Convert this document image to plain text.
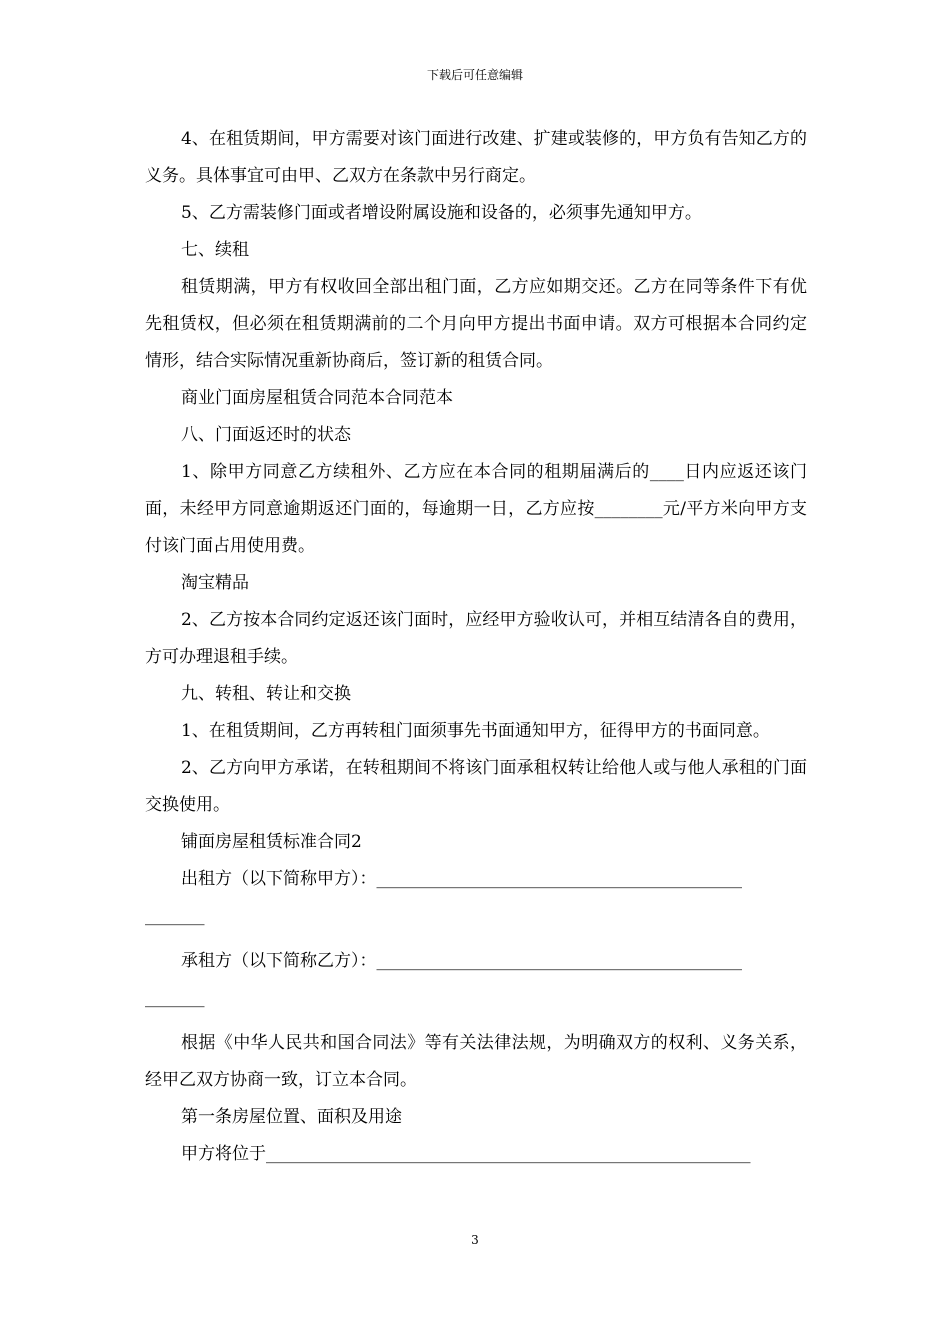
下载后可任意编辑

4、在租赁期间，甲方需要对该门面进行改建、扩建或装修的，甲方负有告知乙方的义务。具体事宜可由甲、乙双方在条款中另行商定。

5、乙方需装修门面或者增设附属设施和设备的，必须事先通知甲方。

七、续租

租赁期满，甲方有权收回全部出租门面，乙方应如期交还。乙方在同等条件下有优先租赁权，但必须在租赁期满前的二个月向甲方提出书面申请。双方可根据本合同约定情形，结合实际情况重新协商后，签订新的租赁合同。

商业门面房屋租赁合同范本合同范本

八、门面返还时的状态

1、除甲方同意乙方续租外、乙方应在本合同的租期届满后的____日内应返还该门面，未经甲方同意逾期返还门面的，每逾期一日，乙方应按________元/平方米向甲方支付该门面占用使用费。

淘宝精品

2、乙方按本合同约定返还该门面时，应经甲方验收认可，并相互结清各自的费用，方可办理退租手续。

九、转租、转让和交换

1、在租赁期间，乙方再转租门面须事先书面通知甲方，征得甲方的书面同意。

2、乙方向甲方承诺，在转租期间不将该门面承租权转让给他人或与他人承租的门面交换使用。

铺面房屋租赁标准合同2

出租方（以下简称甲方）：___________________________________________
_______
承租方（以下简称乙方）：___________________________________________
_______

根据《中华人民共和国合同法》等有关法律法规，为明确双方的权利、义务关系，经甲乙双方协商一致，订立本合同。

第一条房屋位置、面积及用途

甲方将位于_________________________________________________________
3
